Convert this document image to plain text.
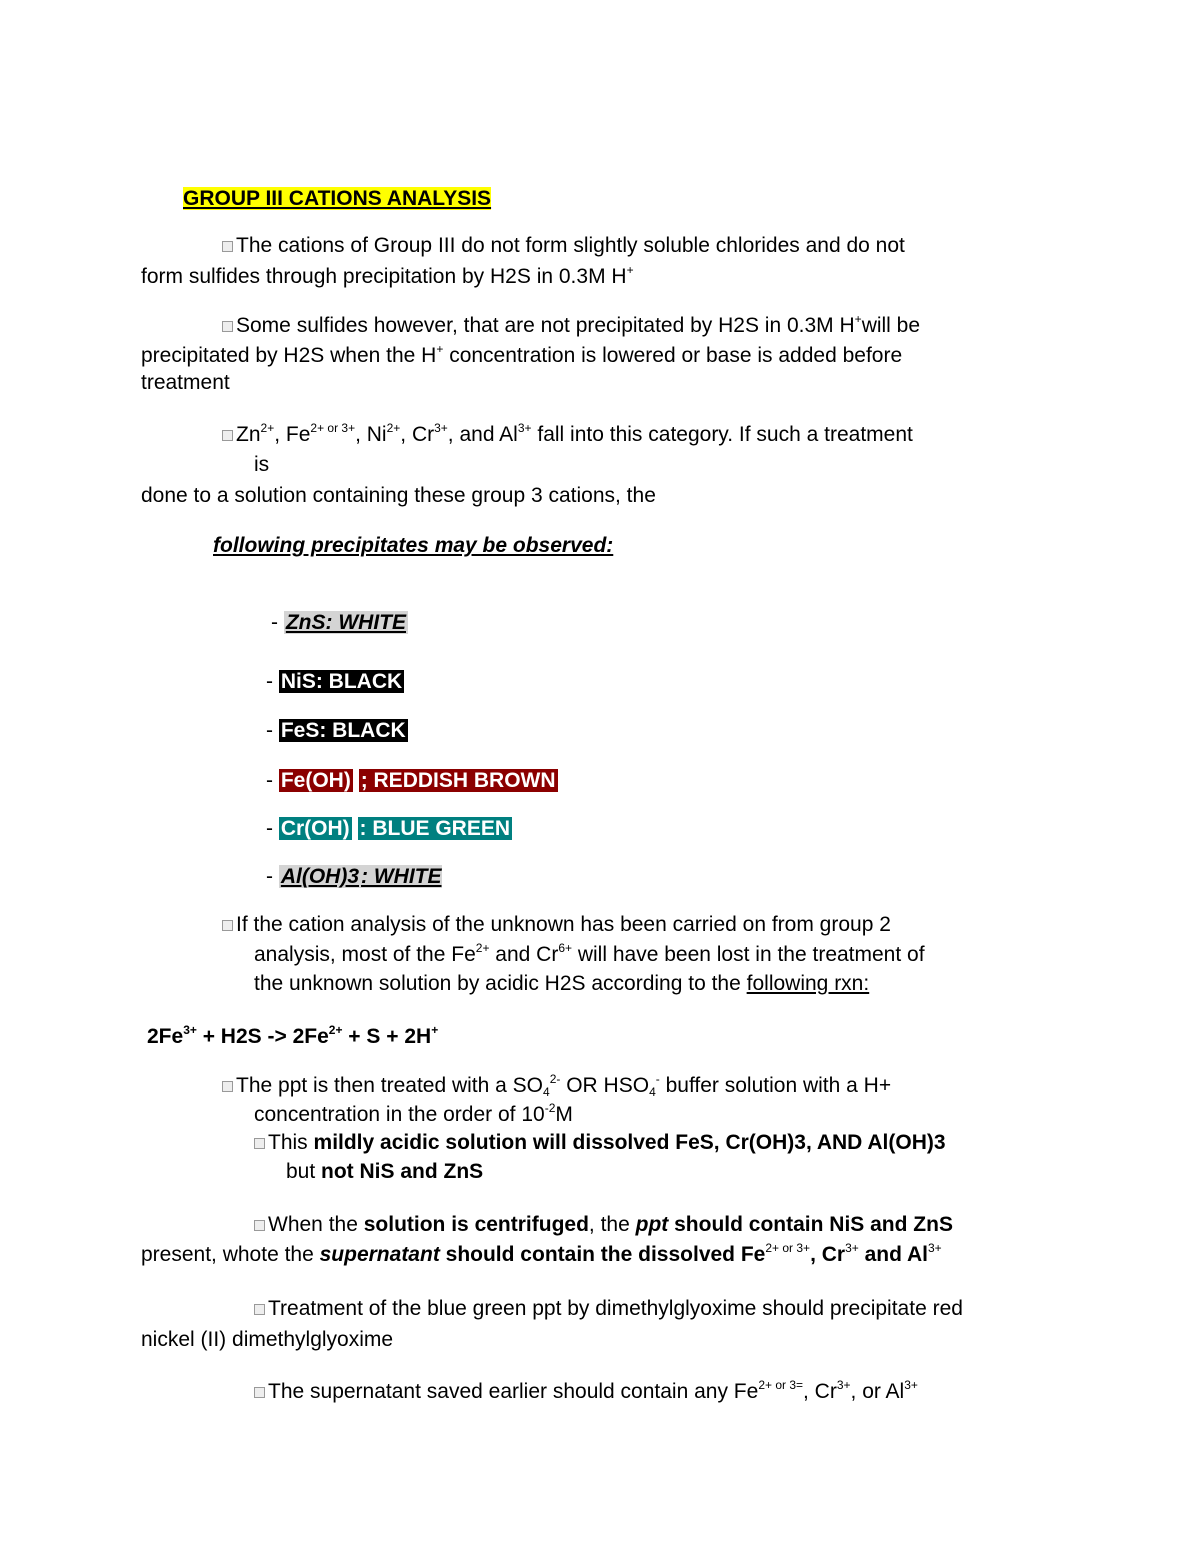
GROUP III CATIONS ANALYSIS
The cations of Group III do not form slightly soluble chlorides and do not
form sulfides through precipitation by H2S in 0.3M H+
Some sulfides however, that are not precipitated by H2S in 0.3M H+will be
precipitated by H2S when the H+ concentration is lowered or base is added before
treatment
$Zn^{2+}$, $Fe^{2+ or 3+}$, $Ni^{2+}$, $Cr^{3+}$, and $Al^{3+}$ fall into this category. If such a treatment
is
done to a solution containing these group 3 cations, the
following precipitates may be observed:
- ZnS: WHITE
- NiS: BLACK
- FeS: BLACK
- Fe(OH) ; REDDISH BROWN
- Cr(OH) : BLUE GREEN
- Al(OH)3: WHITE
If the cation analysis of the unknown has been carried on from group 2
analysis, most of the $Fe^{2+}$ and $Cr^{6+}$ will have been lost in the treatment of
the unknown solution by acidic H2S according to the following rxn:
$2Fe^{3+} + H2S -> 2Fe^{2+} + S + 2H^+$
The ppt is then treated with a $SO_4^{2-}$ OR $HSO_4^-$ buffer solution with a H+
concentration in the order of $10^{-2}M$
This mildly acidic solution will dissolved FeS, Cr(OH)3, AND Al(OH)3
but not NiS and ZnS
When the solution is centrifuged, the ppt should contain NiS and ZnS
present, whote the supernatant should contain the dissolved $Fe^{2+ or 3+}$, $Cr^{3+}$ and $Al^{3+}$
Treatment of the blue green ppt by dimethylglyoxime should precipitate red
nickel (II) dimethylglyoxime
The supernatant saved earlier should contain any $Fe^{2+ or 3=}$, $Cr^{3+}$, or $Al^{3+}$
